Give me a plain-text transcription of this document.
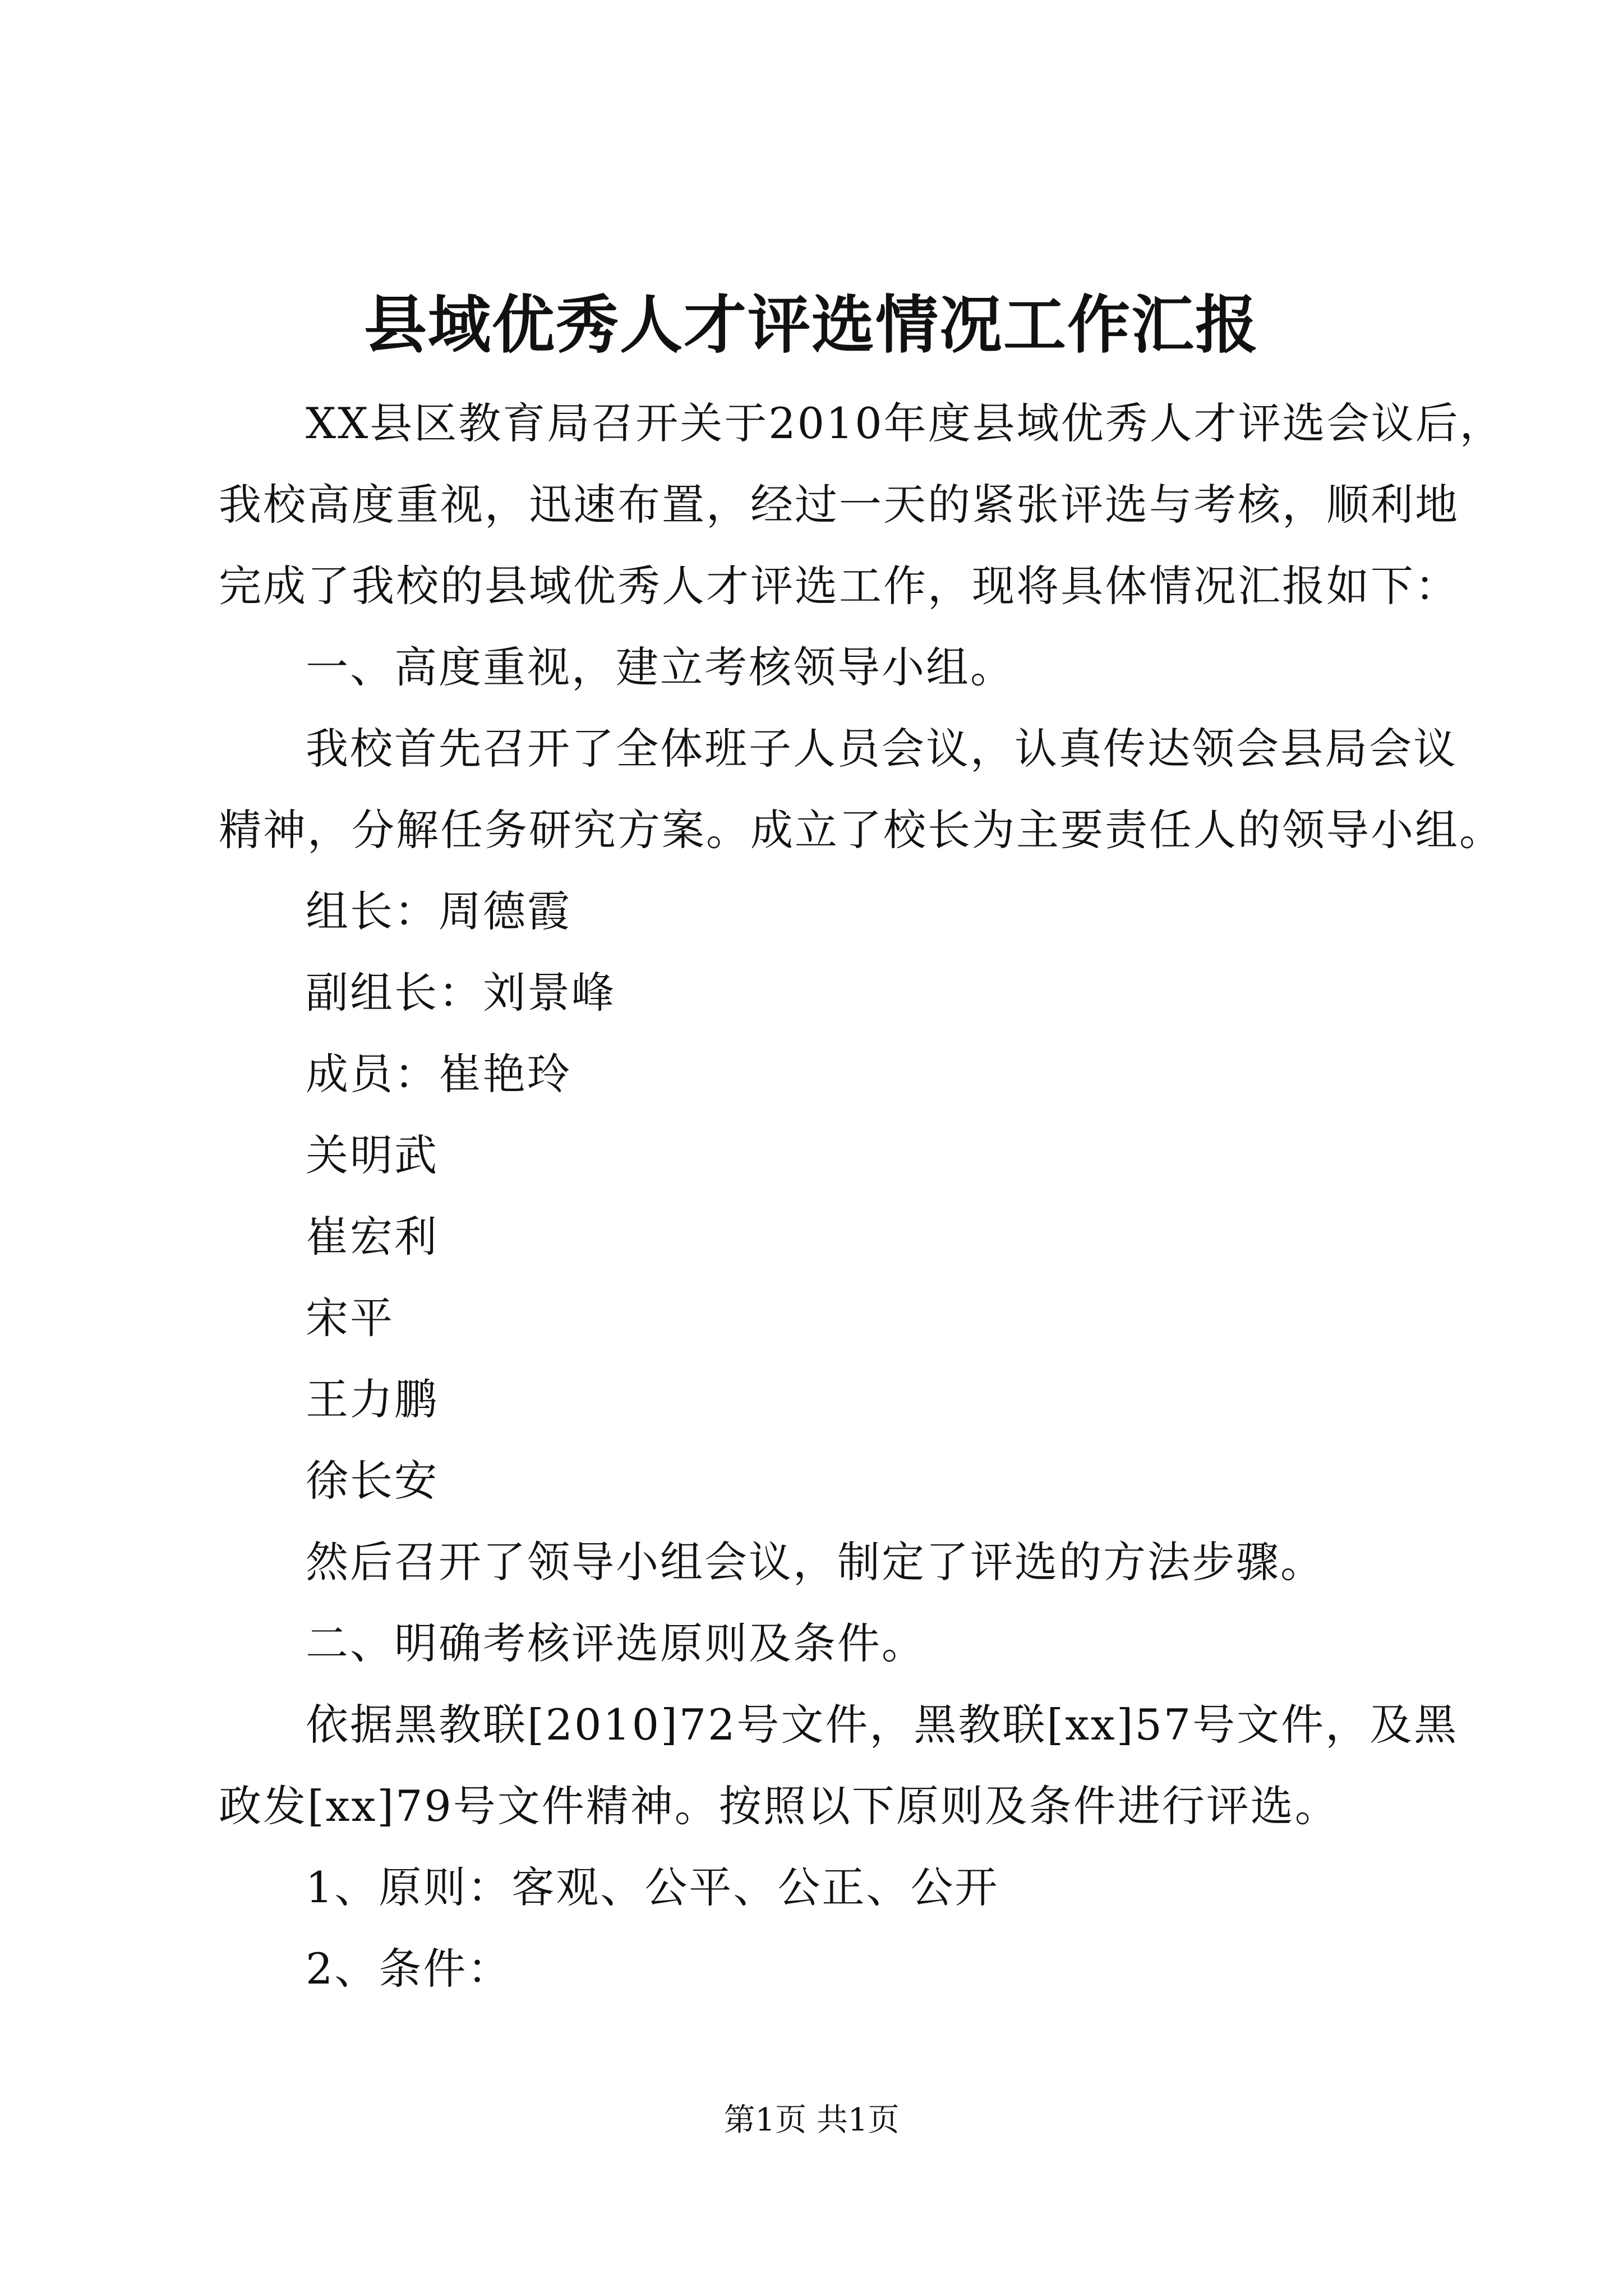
县域优秀人才评选情况工作汇报
XX县区教育局召开关于2010年度县域优秀人才评选会议后，
我校高度重视，迅速布置，经过一天的紧张评选与考核，顺利地
完成了我校的县域优秀人才评选工作，现将具体情况汇报如下：
一、高度重视，建立考核领导小组。
我校首先召开了全体班子人员会议，认真传达领会县局会议
精神，分解任务研究方案。成立了校长为主要责任人的领导小组。
组长：周德霞
副组长：刘景峰
成员：崔艳玲
关明武
崔宏利
宋平
王力鹏
徐长安
然后召开了领导小组会议，制定了评选的方法步骤。
二、明确考核评选原则及条件。
依据黑教联[2010]72号文件，黑教联[xx]57号文件，及黑
政发[xx]79号文件精神。按照以下原则及条件进行评选。
1、原则：客观、公平、公正、公开
2、条件：
第1页 共1页
